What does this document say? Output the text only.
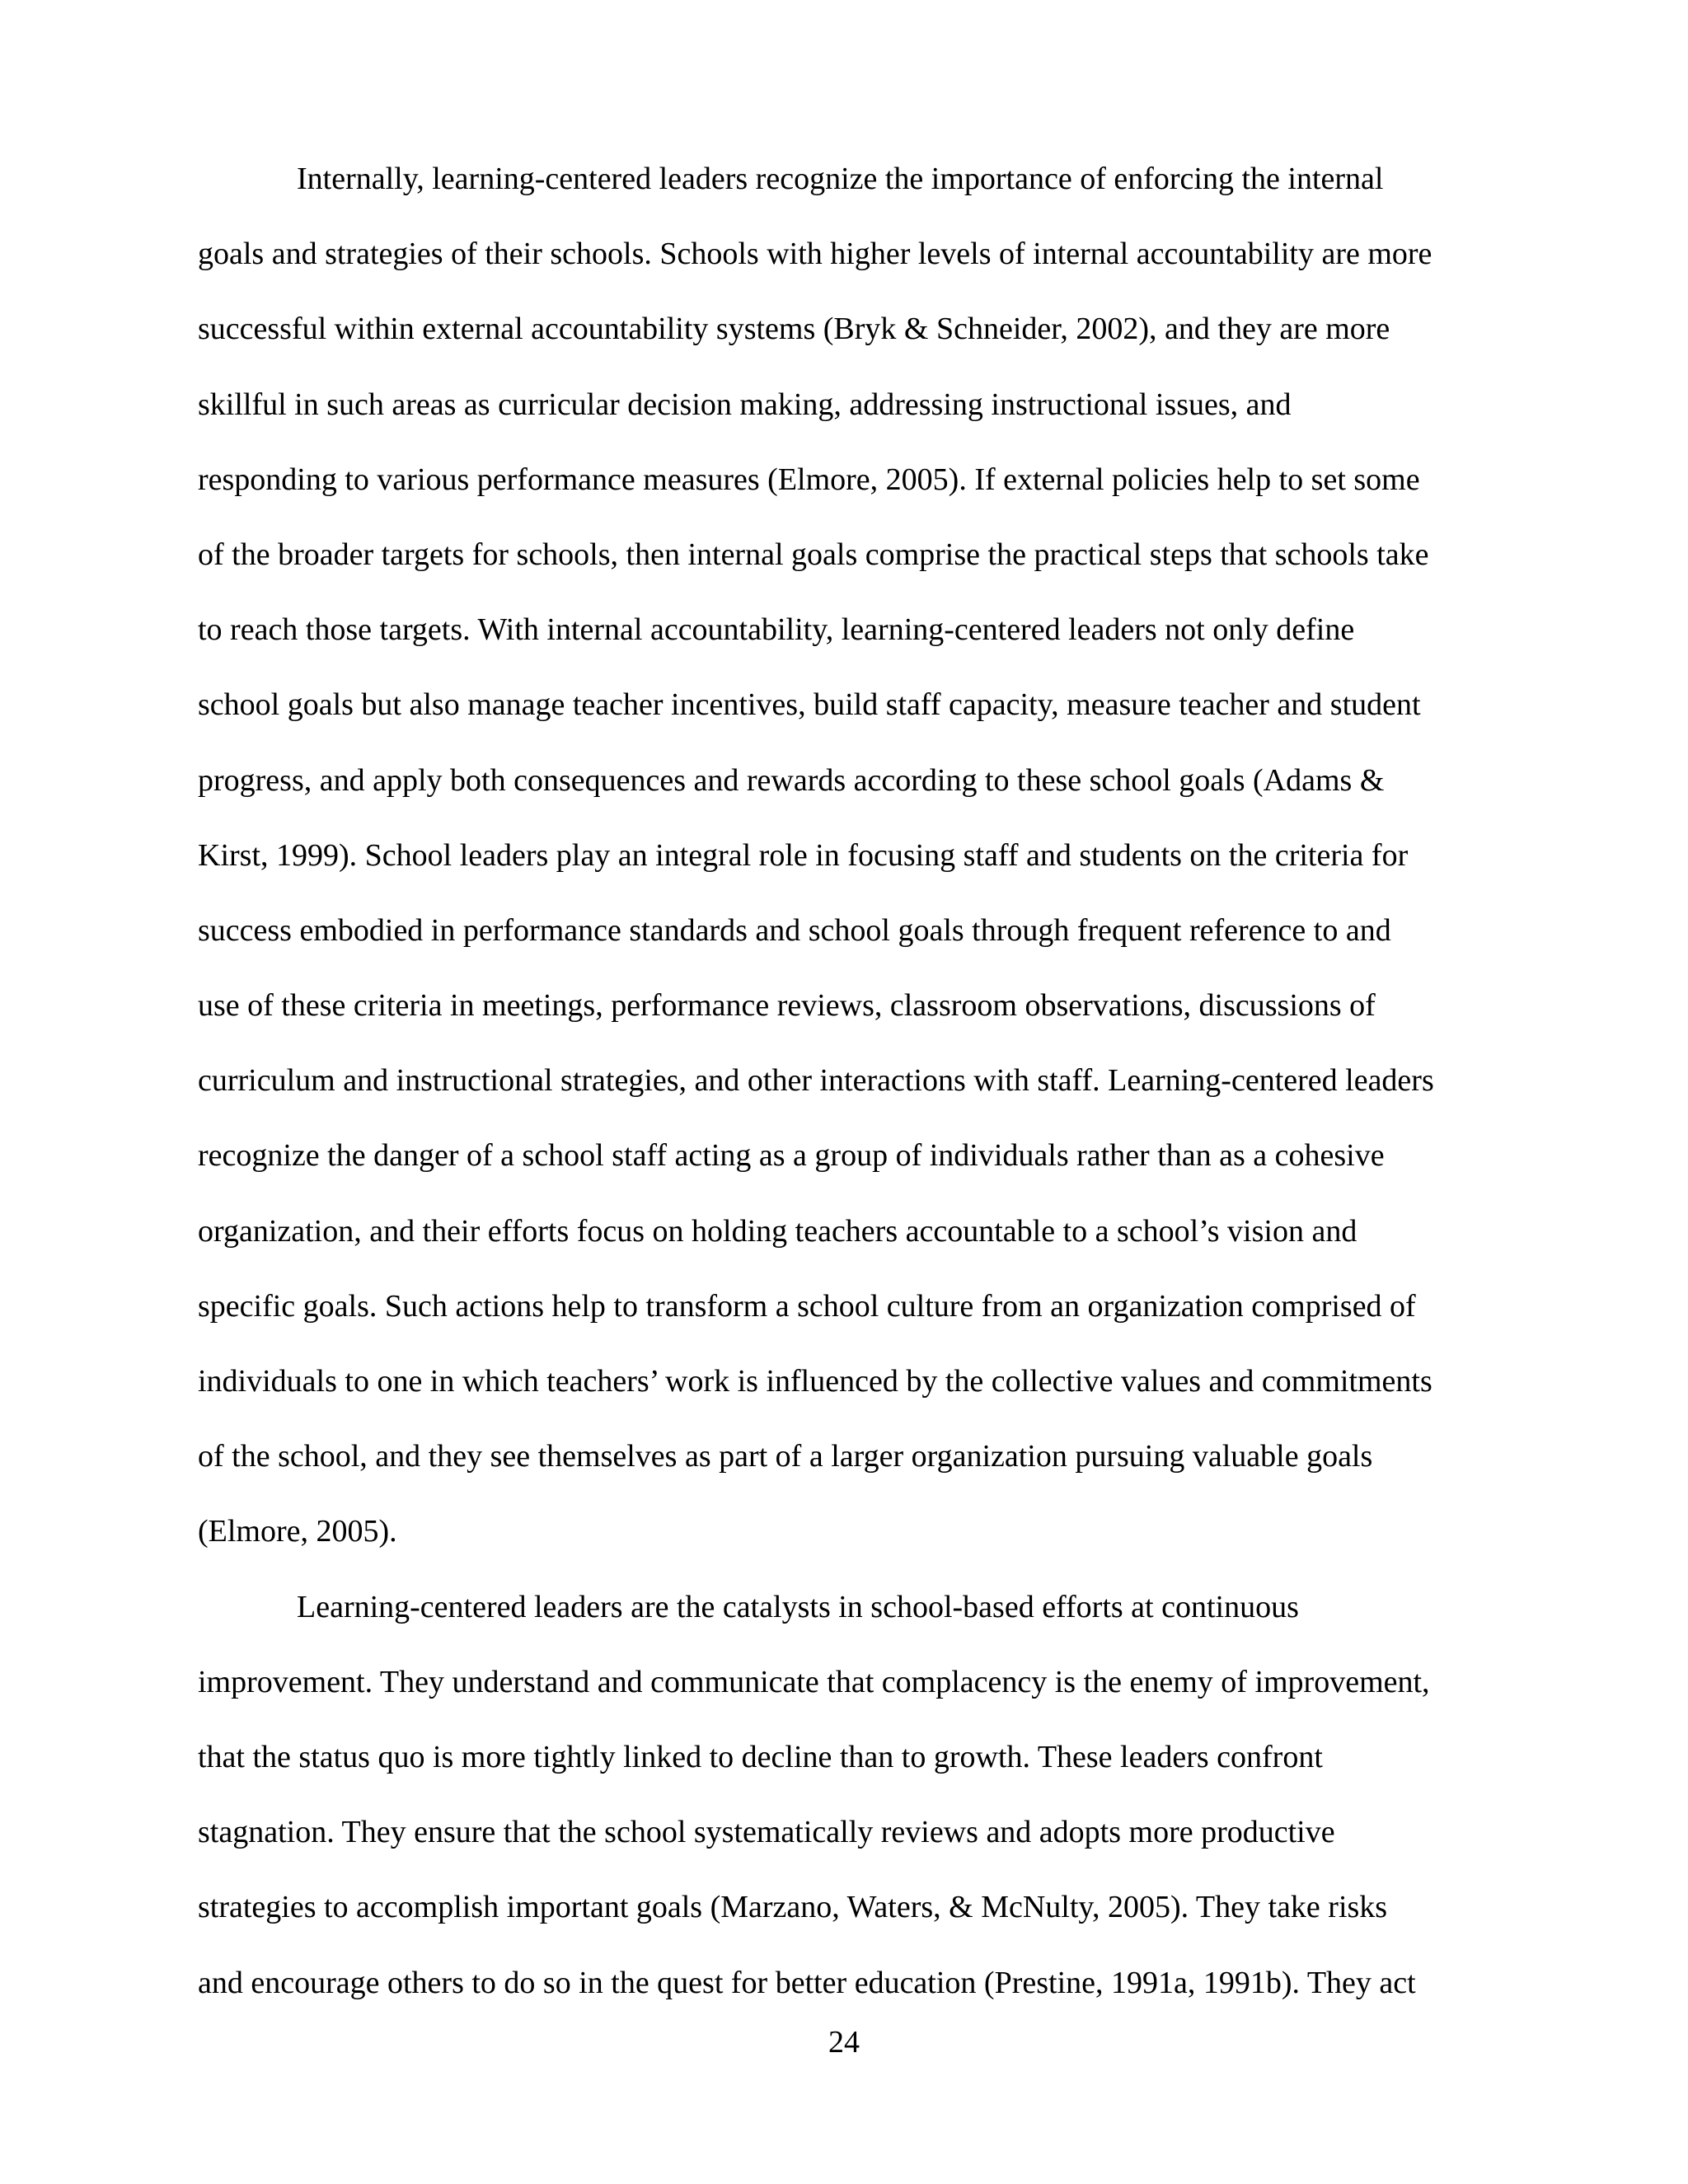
Internally, learning-centered leaders recognize the importance of enforcing the internal
goals and strategies of their schools. Schools with higher levels of internal accountability are more
successful within external accountability systems (Bryk & Schneider, 2002), and they are more
skillful in such areas as curricular decision making, addressing instructional issues, and
responding to various performance measures (Elmore, 2005). If external policies help to set some
of the broader targets for schools, then internal goals comprise the practical steps that schools take
to reach those targets. With internal accountability, learning-centered leaders not only define
school goals but also manage teacher incentives, build staff capacity, measure teacher and student
progress, and apply both consequences and rewards according to these school goals (Adams &
Kirst, 1999). School leaders play an integral role in focusing staff and students on the criteria for
success embodied in performance standards and school goals through frequent reference to and
use of these criteria in meetings, performance reviews, classroom observations, discussions of
curriculum and instructional strategies, and other interactions with staff. Learning-centered leaders
recognize the danger of a school staff acting as a group of individuals rather than as a cohesive
organization, and their efforts focus on holding teachers accountable to a school’s vision and
specific goals. Such actions help to transform a school culture from an organization comprised of
individuals to one in which teachers’ work is influenced by the collective values and commitments
of the school, and they see themselves as part of a larger organization pursuing valuable goals
(Elmore, 2005).
Learning-centered leaders are the catalysts in school-based efforts at continuous
improvement. They understand and communicate that complacency is the enemy of improvement,
that the status quo is more tightly linked to decline than to growth. These leaders confront
stagnation. They ensure that the school systematically reviews and adopts more productive
strategies to accomplish important goals (Marzano, Waters, & McNulty, 2005). They take risks
and encourage others to do so in the quest for better education (Prestine, 1991a, 1991b). They act
24
